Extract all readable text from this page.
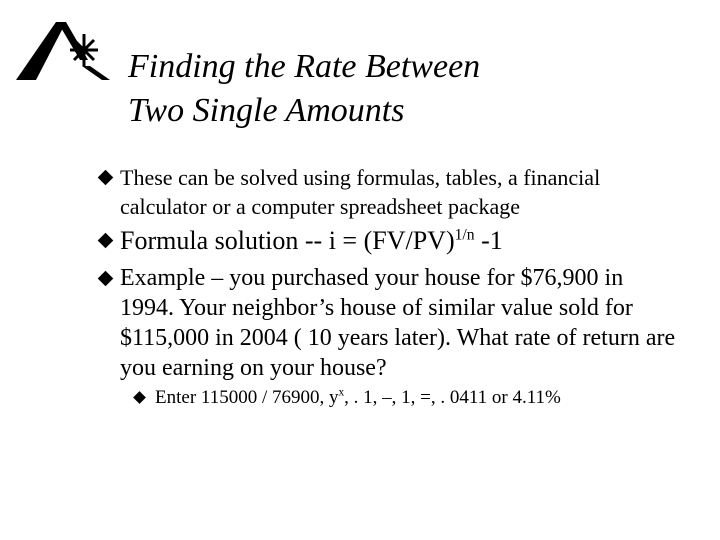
Finding the Rate Between
Two Single Amounts
These can be solved using formulas, tables, a financial calculator or a computer spreadsheet package
Formula solution -- $i = (FV/PV)^{1/n}$ -1
Example – you purchased your house for $76,900 in 1994. Your neighbor’s house of similar value sold for $115,000 in 2004 ( 10 years later). What rate of return are you earning on your house?
Enter 115000 / 76900, $y^x$, . 1, –, 1, =, . 0411 or 4.11%
